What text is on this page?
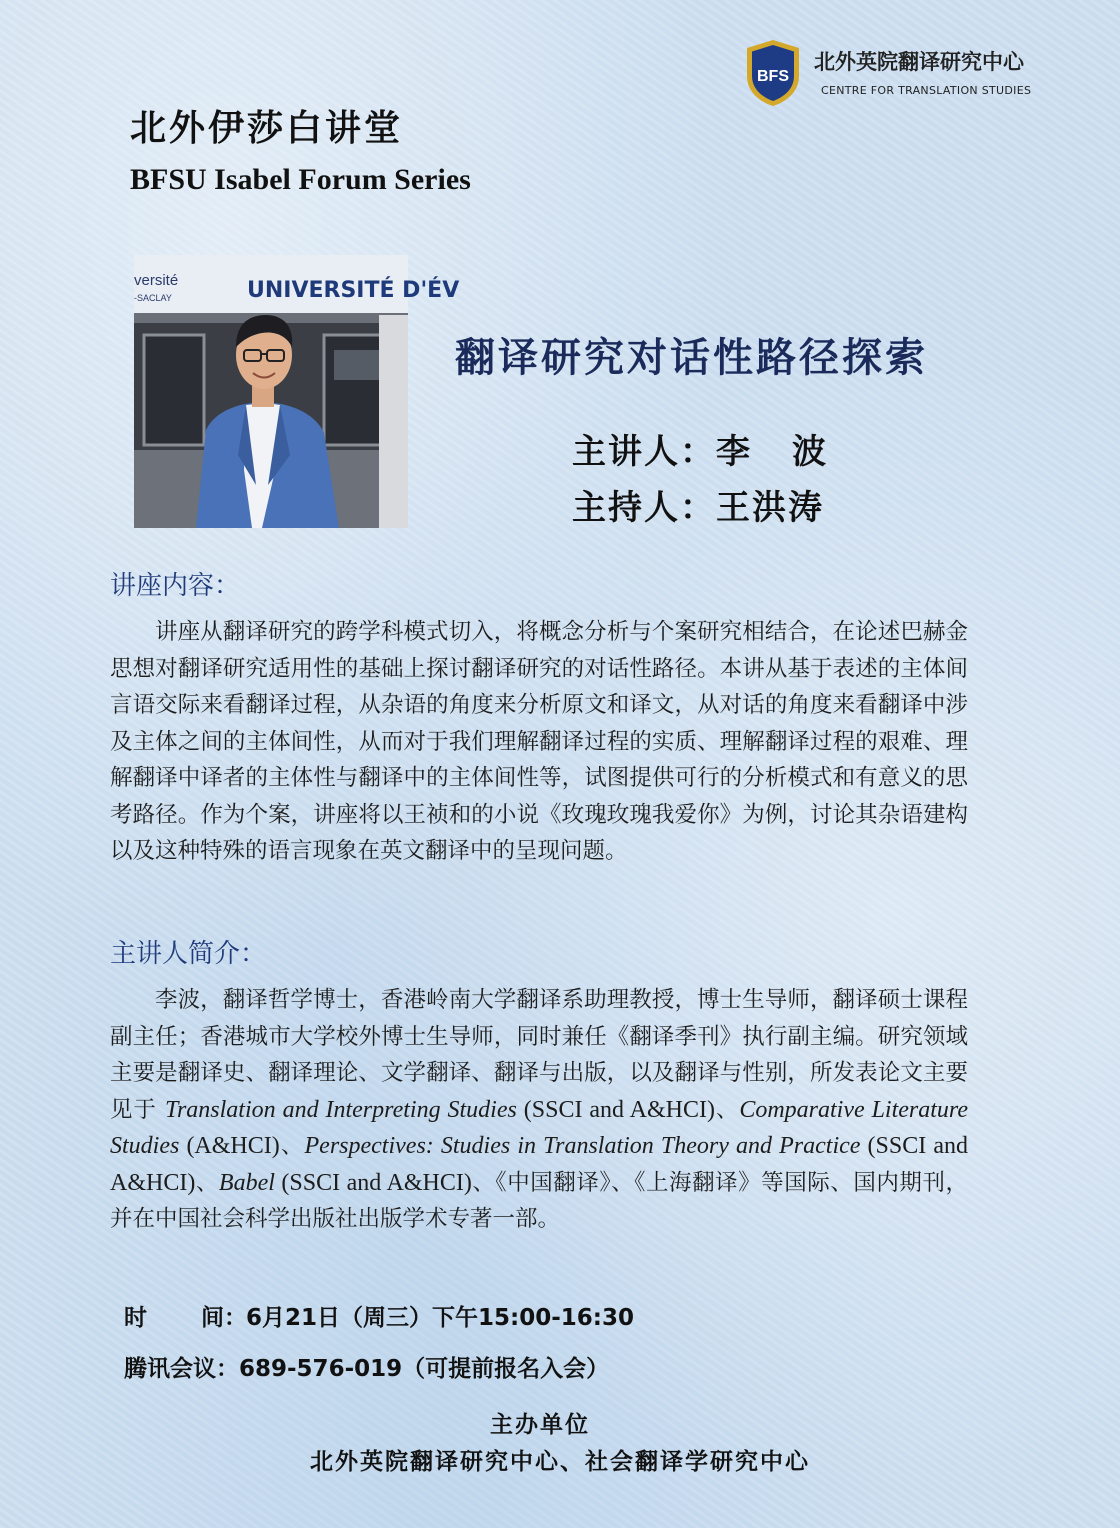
BFS
北外英院翻译研究中心
CENTRE FOR TRANSLATION STUDIES
北外伊莎白讲堂
BFSU Isabel Forum Series
versité
-SACLAY	UNIVERSITÉ D'ÉV
翻译研究对话性路径探索
主讲人：李 波
主持人：王洪涛
讲座内容：
讲座从翻译研究的跨学科模式切入，将概念分析与个案研究相结合，在论述巴赫金思想对翻译研究适用性的基础上探讨翻译研究的对话性路径。本讲从基于表述的主体间言语交际来看翻译过程，从杂语的角度来分析原文和译文，从对话的角度来看翻译中涉及主体之间的主体间性，从而对于我们理解翻译过程的实质、理解翻译过程的艰难、理解翻译中译者的主体性与翻译中的主体间性等，试图提供可行的分析模式和有意义的思考路径。作为个案，讲座将以王祯和的小说《玫瑰玫瑰我爱你》为例，讨论其杂语建构以及这种特殊的语言现象在英文翻译中的呈现问题。
主讲人简介：
李波，翻译哲学博士，香港岭南大学翻译系助理教授，博士生导师，翻译硕士课程副主任；香港城市大学校外博士生导师，同时兼任《翻译季刊》执行副主编。研究领域主要是翻译史、翻译理论、文学翻译、翻译与出版，以及翻译与性别，所发表论文主要见于 Translation and Interpreting Studies (SSCI and A&HCI)、Comparative Literature Studies (A&HCI)、Perspectives: Studies in Translation Theory and Practice (SSCI and A&HCI)、Babel (SSCI and A&HCI)、《中国翻译》、《上海翻译》等国际、国内期刊，并在中国社会科学出版社出版学术专著一部。
时 间：6月21日（周三）下午15:00-16:30
腾讯会议：689-576-019（可提前报名入会）
主办单位
北外英院翻译研究中心、社会翻译学研究中心
